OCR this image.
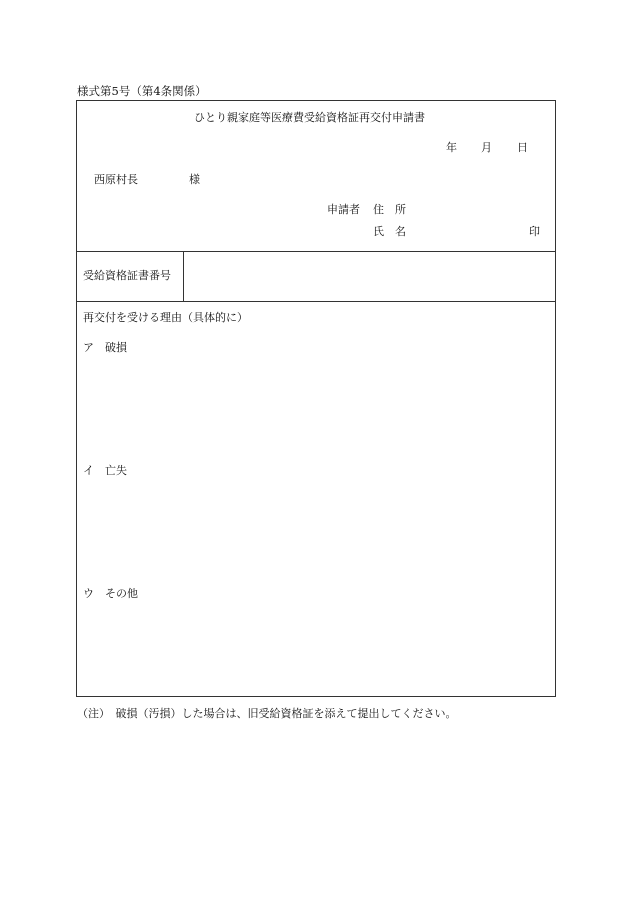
様式第5号（第4条関係）
ひとり親家庭等医療費受給資格証再交付申請書
年 月 日
西原村長	様
申請者 住　所
氏　名	印
受給資格証書番号
再交付を受ける理由（具体的に）
ア　破損
イ　亡失
ウ　その他
（注）　破損（汚損）した場合は、旧受給資格証を添えて提出してください。
